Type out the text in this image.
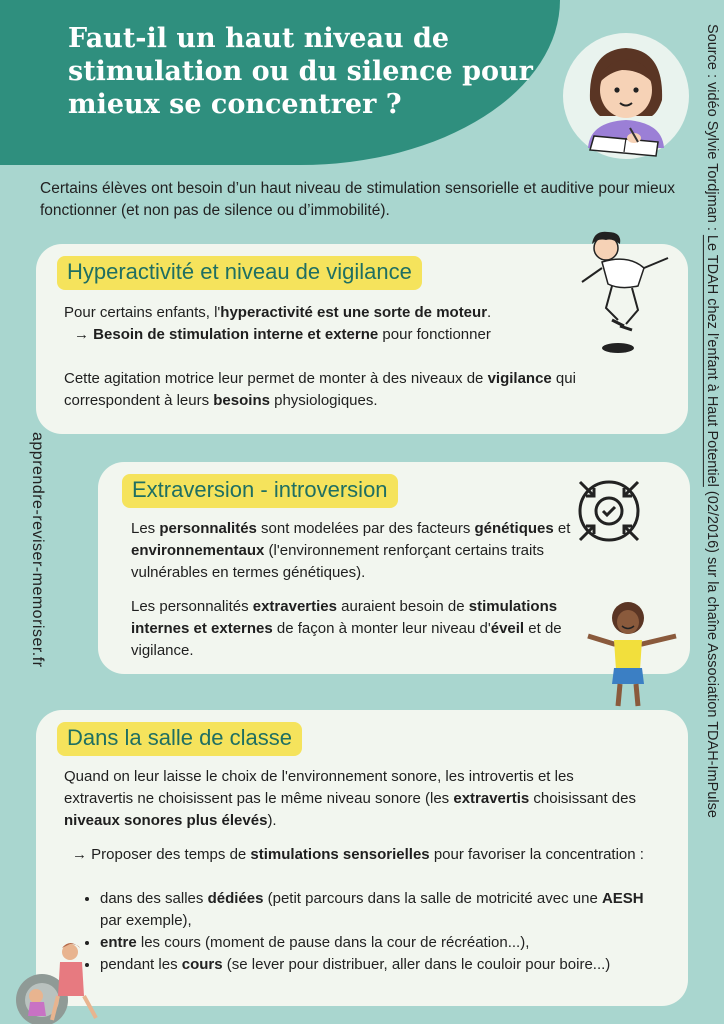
Faut-il un haut niveau de stimulation ou du silence pour mieux se concentrer ?

Certains élèves ont besoin d’un haut niveau de stimulation sensorielle et auditive pour mieux fonctionner (et non pas de silence ou d’immobilité).

apprendre-reviser-memoriser.fr
Source : vidéo Sylvie Tordjman : Le TDAH chez l’enfant à Haut Potentiel (02/2016) sur la chaîne Association TDAH-ImPulse
Hyperactivité et niveau de vigilance

Pour certains enfants, l'hyperactivité est une sorte de moteur.

→ Besoin de stimulation interne et externe pour fonctionner

Cette agitation motrice leur permet de monter à des niveaux de vigilance qui correspondent à leurs besoins physiologiques.

Extraversion - introversion

Les personnalités sont modelées par des facteurs génétiques et environnementaux (l'environnement renforçant certains traits vulnérables en termes génétiques).

Les personnalités extraverties auraient besoin de stimulations internes et externes de façon à monter leur niveau d'éveil et de vigilance.

Dans la salle de classe

Quand on leur laisse le choix de l'environnement sonore, les introvertis et les extravertis ne choisissent pas le même niveau sonore (les extravertis choisissant des niveaux sonores plus élevés).

→ Proposer des temps de stimulations sensorielles pour favoriser la concentration :

• dans des salles dédiées (petit parcours dans la salle de motricité avec une AESH par exemple),
• entre les cours (moment de pause dans la cour de récréation...),
• pendant les cours (se lever pour distribuer, aller dans le couloir pour boire...)
